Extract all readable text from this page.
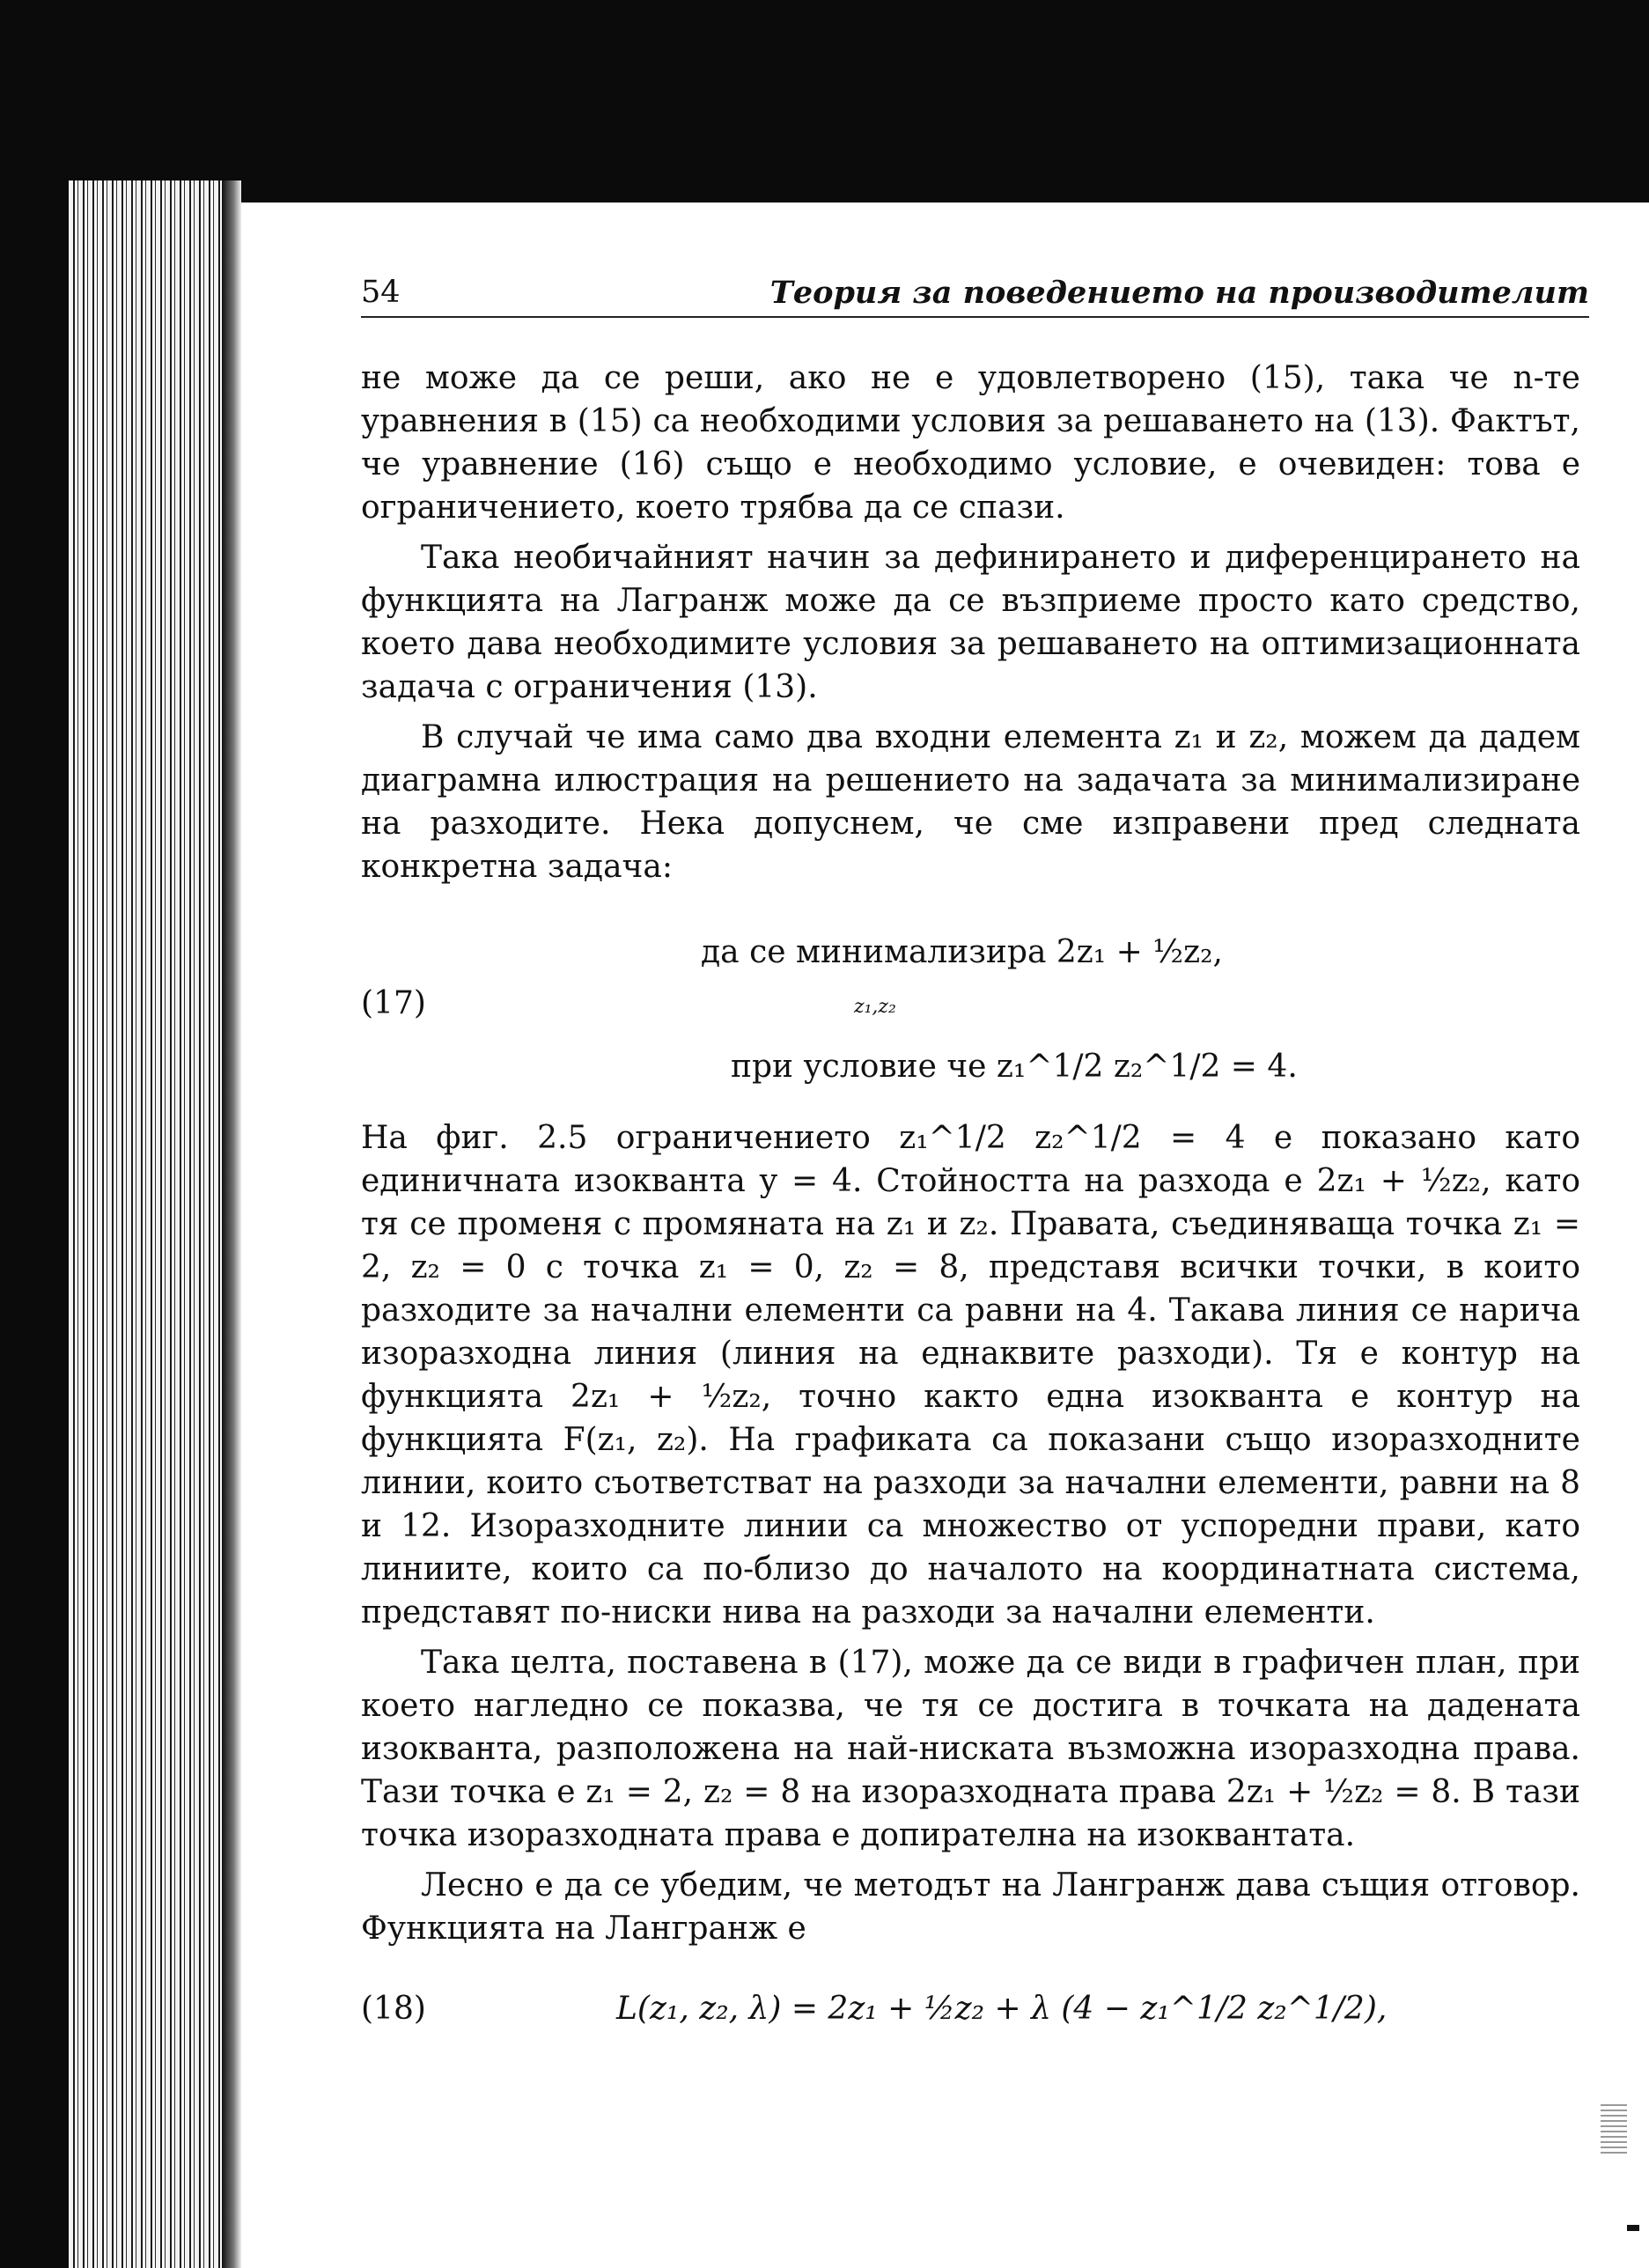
54	Теория за поведението на производителит

не може да се реши, ако не е удовлетворено (15), така че n-те уравнения в (15) са необходими условия за решаването на (13). Фактът, че уравнение (16) също е необходимо условие, е очевиден: това е ограничението, което трябва да се спази.

Така необичайният начин за дефинирането и диференцирането на функцията на Лагранж може да се възприеме просто като средство, което дава необходимите условия за решаването на оптимизационната задача с ограничения (13).

В случай че има само два входни елемента z₁ и z₂, можем да дадем диаграмна илюстрация на решението на задачата за минимализиране на разходите. Нека допуснем, че сме изправени пред следната конкретна задача:

(17)
да се минимализира 2z₁ + ½z₂,
z₁,z₂
при условие че z₁^1/2 z₂^1/2 = 4.

На фиг. 2.5 ограничението z₁^1/2 z₂^1/2 = 4 е показано като единичната изокванта y = 4. Стойността на разхода е 2z₁ + ½z₂, като тя се променя с промяната на z₁ и z₂. Правата, съединяваща точка z₁ = 2, z₂ = 0 с точка z₁ = 0, z₂ = 8, представя всички точки, в които разходите за начални елементи са равни на 4. Такава линия се нарича изоразходна линия (линия на еднаквите разходи). Тя е контур на функцията 2z₁ + ½z₂, точно както една изокванта е контур на функцията F(z₁, z₂). На графиката са показани също изоразходните линии, които съответстват на разходи за начални елементи, равни на 8 и 12. Изоразходните линии са множество от успоредни прави, като линиите, които са по-близо до началото на координатната система, представят по-ниски нива на разходи за начални елементи.

Така целта, поставена в (17), може да се види в графичен план, при което нагледно се показва, че тя се достига в точката на дадената изокванта, разположена на най-ниската възможна изоразходна права. Тази точка е z₁ = 2, z₂ = 8 на изоразходната права 2z₁ + ½z₂ = 8. В тази точка изоразходната права е допирателна на изоквантата.

Лесно е да се убедим, че методът на Лангранж дава същия отговор. Функцията на Лангранж е

(18)	L(z₁, z₂, λ) = 2z₁ + ½z₂ + λ (4 − z₁^1/2 z₂^1/2),
